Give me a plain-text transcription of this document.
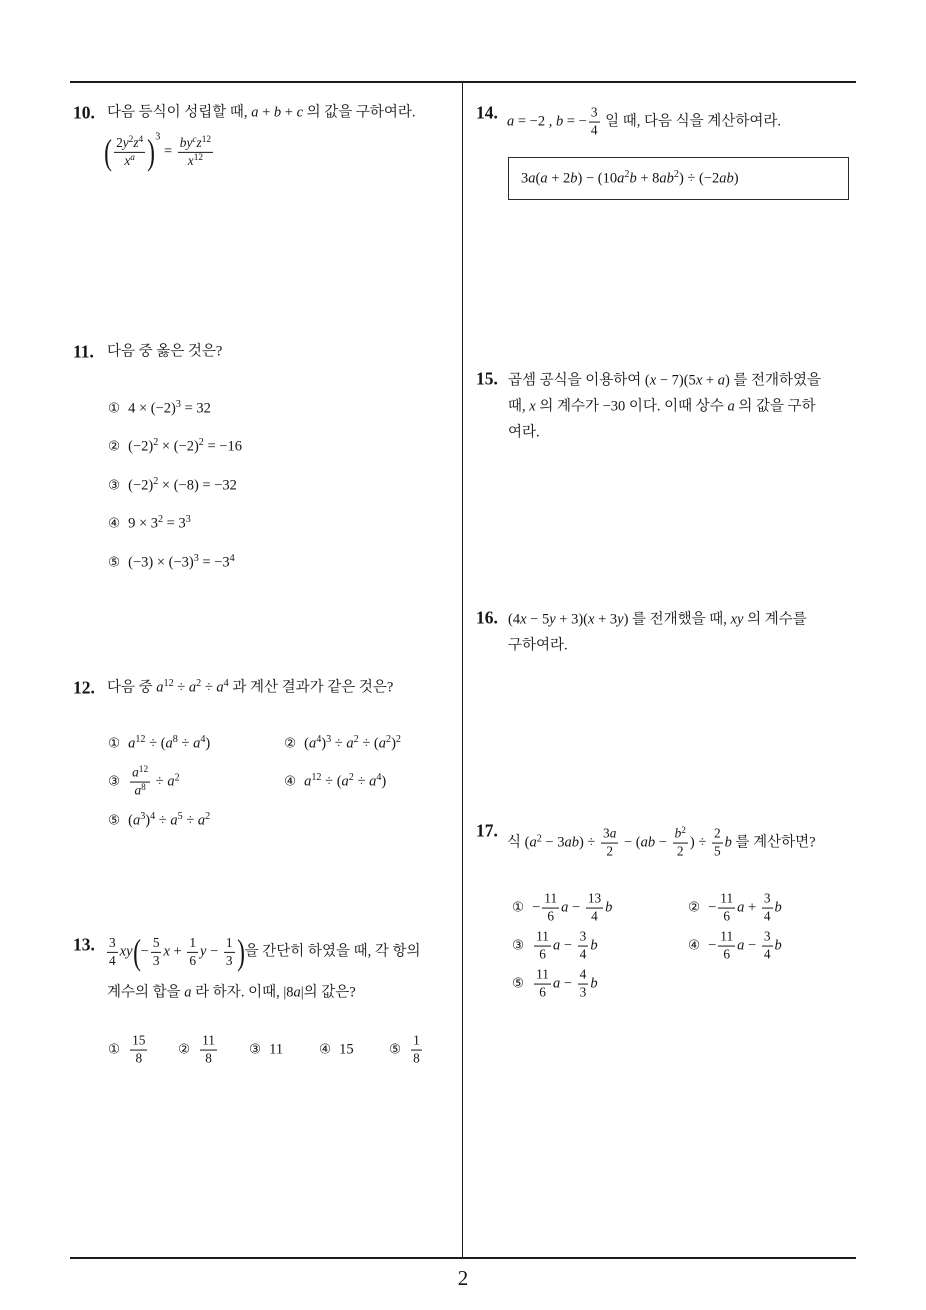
10. 다음 등식이 성립할 때, a + b + c 의 값을 구하여라.
( $\frac{2y^2z^4}{x^a} )^3 = \frac{by^cz^{12}}{x^{12}}$
11. 다음 중 옳은 것은?
① $4 \times (-2)^3 = 32$
② $(-2)^2 \times (-2)^2 = -16$
③ $(-2)^2 \times (-8) = -32$
④ $9 \times 3^2 = 3^3$
⑤ $(-3) \times (-3)^3 = -3^4$
12. 다음 중 $a^{12} \div a^2 \div a^4$ 과 계산 결과가 같은 것은?
① $a^{12} \div (a^8 \div a^4)$	② $(a^4)^3 \div a^2 \div (a^2)^2$
③ $\frac{a^{12}}{a^8} \div a^2$	④ $a^{12} \div (a^2 \div a^4)$
⑤ $(a^3)^4 \div a^5 \div a^2$
13. $\frac{3}{4} xy(- \frac{5}{3}$ $x + \frac{1}{6}$ $y - \frac{1}{3}$ )을 간단히 하였을 때, 각 항의
계수의 합을 a 라 하자. 이때, |8a|의 값은?
① $\frac{15}{8}$ ② $\frac{11}{8}$ ③ 11	④ 15	⑤ $\frac{1}{8}$
14. a = −2 , b = − $\frac{3}{4}$ 일 때, 다음 식을 계산하여라.
$3a(a + 2b) - (10a^2b + 8ab^2) \div (-2ab)$
15. 곱셈 공식을 이용하여 (x − 7)(5x + a) 를 전개하였을
때, x 의 계수가 −30 이다. 이때 상수 a 의 값을 구하
여라.
16. (4x − 5y + 3)(x + 3y) 를 전개했을 때, xy 의 계수를
구하여라.
17.
식 $(a^2 - 3ab) \div \frac{3a}{2} - (ab - \frac{b^2}{2}$ ) ÷ $\frac{2}{5}$ b 를 계산하면?
① − $\frac{11}{6}$ $a - \frac{13}{4}$ b	② − $\frac{11}{6}$ $a + \frac{3}{4}$ b
③ $\frac{11}{6}$ $a - \frac{3}{4}$ b	④ − $\frac{11}{6}$ $a - \frac{3}{4}$ b
⑤ $\frac{11}{6}$ $a - \frac{4}{3}$ b
2
